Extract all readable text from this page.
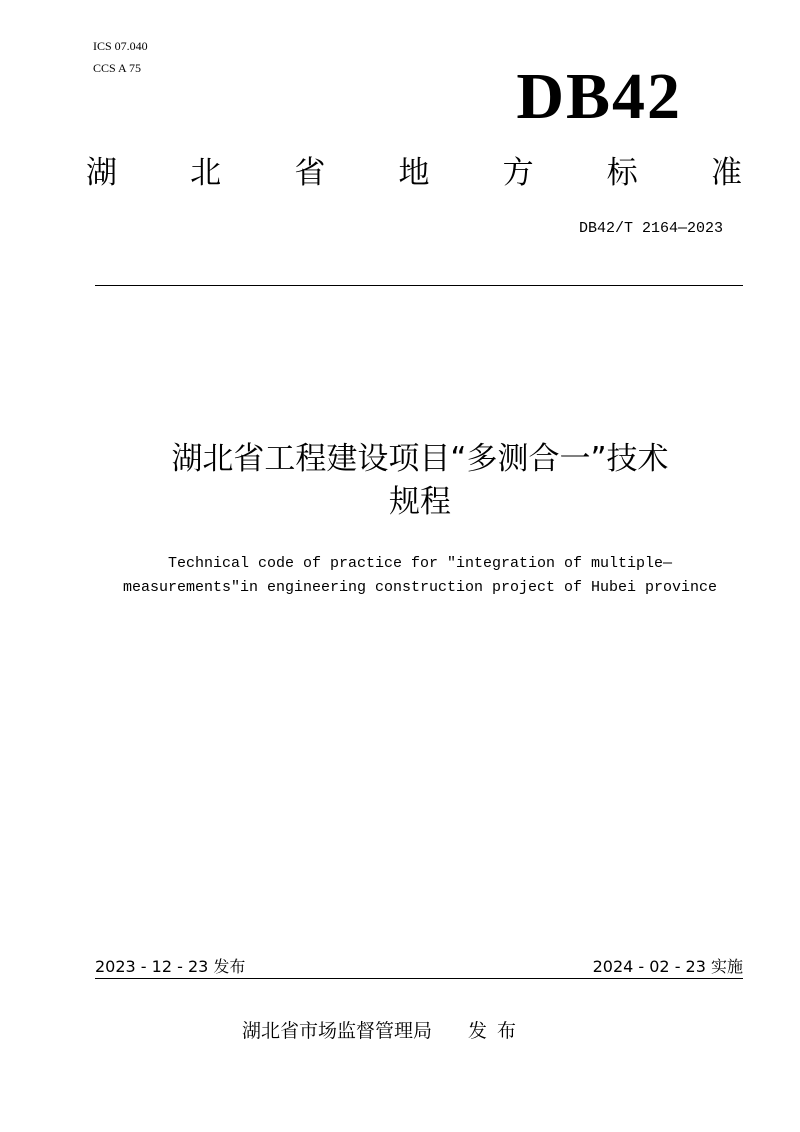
ICS 07.040
CCS A 75	DB42
湖 北 省 地 方 标 准
DB42/T 2164—2023
湖北省工程建设项目“多测合一”技术
规程
Technical code of practice for "integration of multiple—
measurements"in engineering construction project of Hubei province
2023 - 12 - 23 发布	2024 - 02 - 23 实施
湖北省市场监督管理局 发布
